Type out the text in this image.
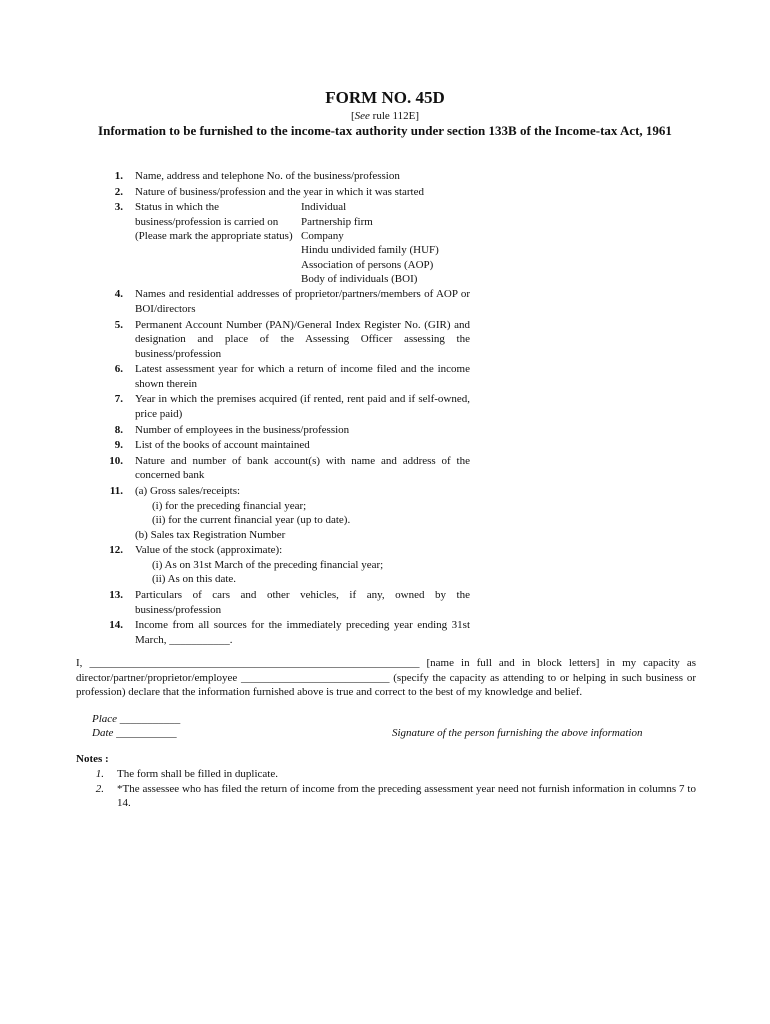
FORM NO. 45D
[See rule 112E]
Information to be furnished to the income-tax authority under section 133B of the Income-tax Act, 1961
1. Name, address and telephone No. of the business/profession
2. Nature of business/profession and the year in which it was started
3. Status in which the business/profession is carried on (Please mark the appropriate status)
Individual
Partnership firm
Company
Hindu undivided family (HUF)
Association of persons (AOP)
Body of individuals (BOI)
4. Names and residential addresses of proprietor/partners/members of AOP or BOI/directors
5. Permanent Account Number (PAN)/General Index Register No. (GIR) and designation and place of the Assessing Officer assessing the business/profession
6. Latest assessment year for which a return of income filed and the income shown therein
7. Year in which the premises acquired (if rented, rent paid and if self-owned, price paid)
8. Number of employees in the business/profession
9. List of the books of account maintained
10. Nature and number of bank account(s) with name and address of the concerned bank
11. (a) Gross sales/receipts:
(i) for the preceding financial year;
(ii) for the current financial year (up to date).
(b) Sales tax Registration Number
12. Value of the stock (approximate):
(i) As on 31st March of the preceding financial year;
(ii) As on this date.
13. Particulars of cars and other vehicles, if any, owned by the business/profession
14. Income from all sources for the immediately preceding year ending 31st March, ___________.
I, ____________________________________________________________ [name in full and in block letters] in my capacity as director/partner/proprietor/employee ___________________________ (specify the capacity as attending to or helping in such business or profession) declare that the information furnished above is true and correct to the best of my knowledge and belief.
Place ___________
Date ___________	Signature of the person furnishing the above information
Notes :
1. The form shall be filled in duplicate.
2. *The assessee who has filed the return of income from the preceding assessment year need not furnish information in columns 7 to 14.
